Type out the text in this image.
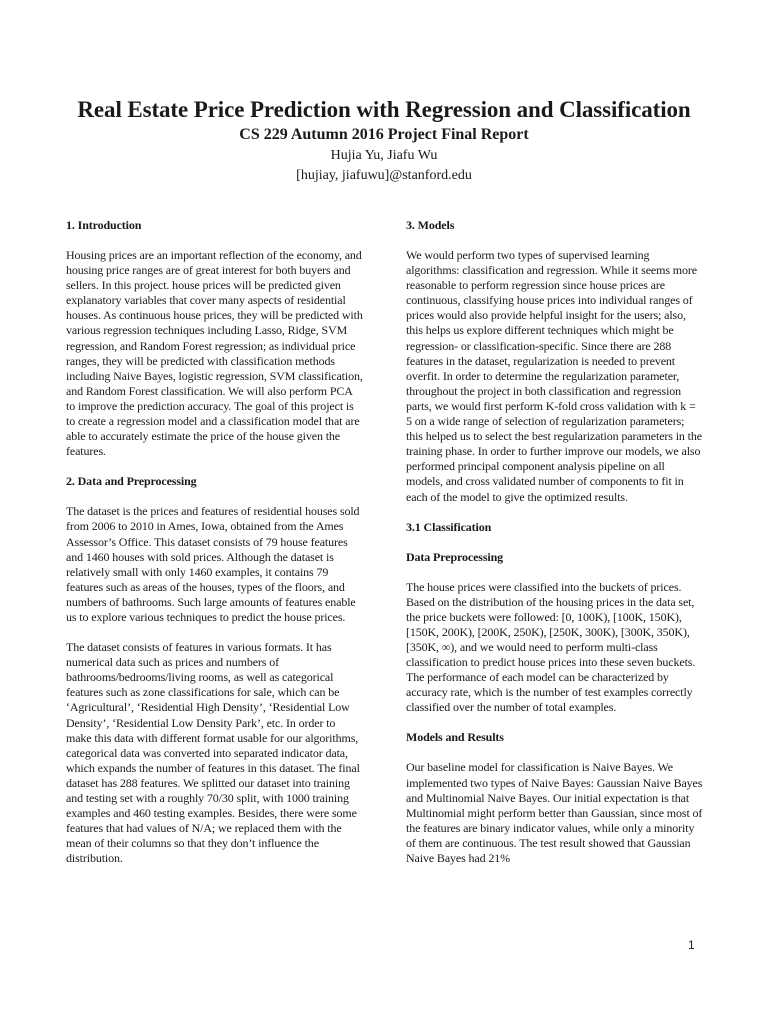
Real Estate Price Prediction with Regression and Classification
CS 229 Autumn 2016 Project Final Report
Hujia Yu, Jiafu Wu
[hujiay, jiafuwu]@stanford.edu
1. Introduction

Housing prices are an important reflection of the economy, and housing price ranges are of great interest for both buyers and sellers. In this project. house prices will be predicted given explanatory variables that cover many aspects of residential houses. As continuous house prices, they will be predicted with various regression techniques including Lasso, Ridge, SVM regression, and Random Forest regression; as individual price ranges, they will be predicted with classification methods including Naive Bayes, logistic regression, SVM classification, and Random Forest classification. We will also perform PCA to improve the prediction accuracy. The goal of this project is to create a regression model and a classification model that are able to accurately estimate the price of the house given the features.

2. Data and Preprocessing

The dataset is the prices and features of residential houses sold from 2006 to 2010 in Ames, Iowa, obtained from the Ames Assessor’s Office. This dataset consists of 79 house features and 1460 houses with sold prices. Although the dataset is relatively small with only 1460 examples, it contains 79 features such as areas of the houses, types of the floors, and numbers of bathrooms. Such large amounts of features enable us to explore various techniques to predict the house prices.

The dataset consists of features in various formats. It has numerical data such as prices and numbers of bathrooms/bedrooms/living rooms, as well as categorical features such as zone classifications for sale, which can be ‘Agricultural’, ‘Residential High Density’, ‘Residential Low Density’, ‘Residential Low Density Park’, etc. In order to make this data with different format usable for our algorithms, categorical data was converted into separated indicator data, which expands the number of features in this dataset. The final dataset has 288 features. We splitted our dataset into training and testing set with a roughly 70/30 split, with 1000 training examples and 460 testing examples. Besides, there were some features that had values of N/A; we replaced them with the mean of their columns so that they don’t influence the distribution.

3. Models

We would perform two types of supervised learning algorithms: classification and regression. While it seems more reasonable to perform regression since house prices are continuous, classifying house prices into individual ranges of prices would also provide helpful insight for the users; also, this helps us explore different techniques which might be regression- or classification-specific. Since there are 288 features in the dataset, regularization is needed to prevent overfit. In order to determine the regularization parameter, throughout the project in both classification and regression parts, we would first perform K-fold cross validation with k = 5 on a wide range of selection of regularization parameters; this helped us to select the best regularization parameters in the training phase. In order to further improve our models, we also performed principal component analysis pipeline on all models, and cross validated number of components to fit in each of the model to give the optimized results.

3.1 Classification
Data Preprocessing

The house prices were classified into the buckets of prices. Based on the distribution of the housing prices in the data set, the price buckets were followed: [0, 100K), [100K, 150K), [150K, 200K), [200K, 250K), [250K, 300K), [300K, 350K), [350K, ∞), and we would need to perform multi-class classification to predict house prices into these seven buckets. The performance of each model can be characterized by accuracy rate, which is the number of test examples correctly classified over the number of total examples.

Models and Results

Our baseline model for classification is Naive Bayes. We implemented two types of Naive Bayes: Gaussian Naive Bayes and Multinomial Naive Bayes. Our initial expectation is that Multinomial might perform better than Gaussian, since most of the features are binary indicator values, while only a minority of them are continuous. The test result showed that Gaussian Naive Bayes had 21%

1
